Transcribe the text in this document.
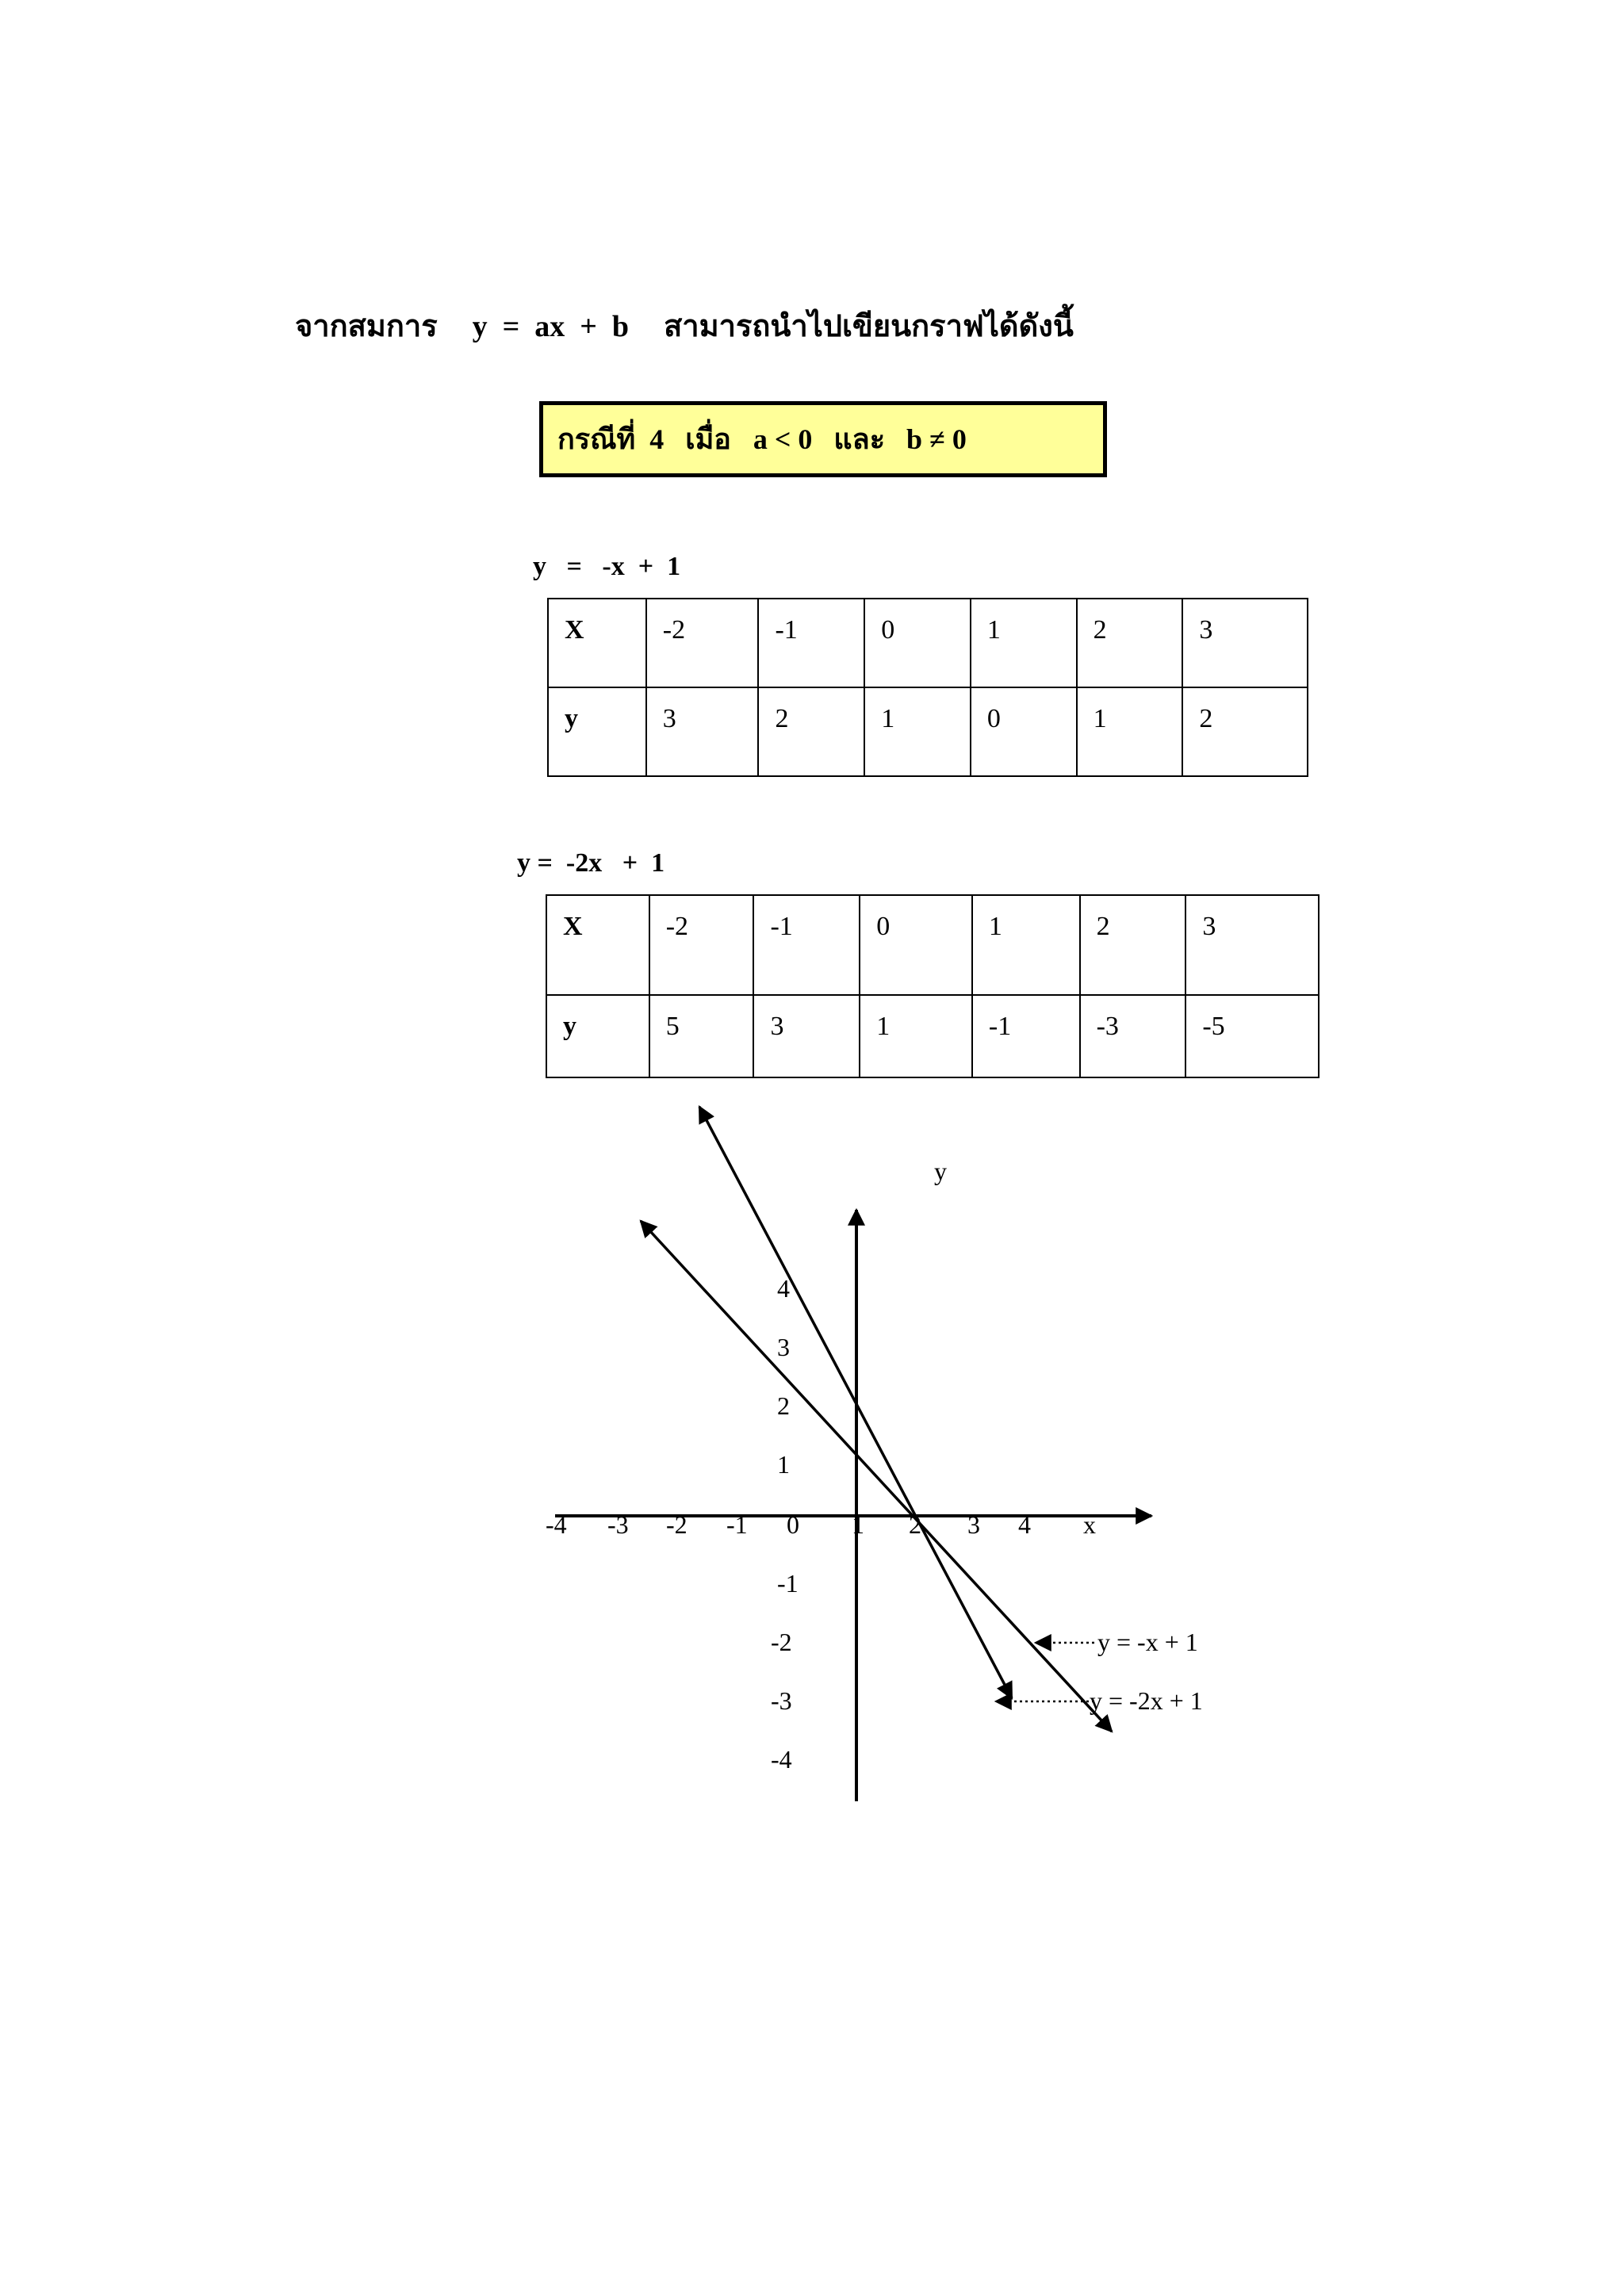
จากสมการ y  =  ax  +  b สามารถนำไปเขียนกราฟได้ดังนี้
กรณีที่  4   เมื่อ a < 0   และ   b ≠ 0
y   =   -x  +  1
X	-2	-1	0	1	2	3
y	3	2	1	0	1	2
y =  -2x   +  1
X	-2	-1	0	1	2	3
y	5	3	1	-1	-3	-5
y
x
-4 -3 -2 -1 0 1 2 3 4
4
3
2
1
-1
-2
-3
-4
y = -x + 1
y = -2x + 1
